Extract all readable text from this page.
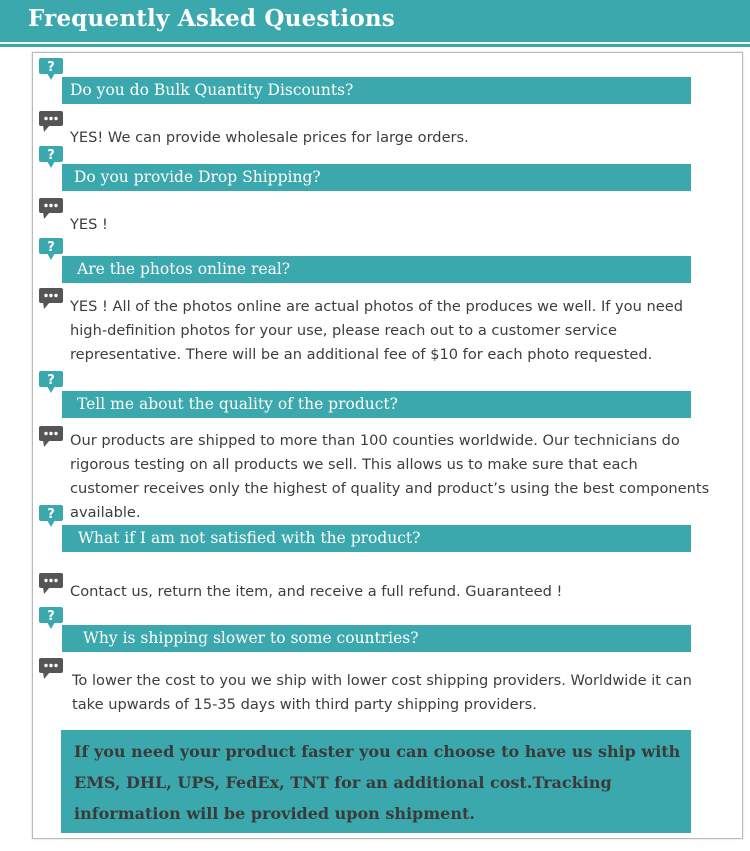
Frequently Asked Questions
?
Do you do Bulk Quantity Discounts?
YES! We can provide wholesale prices for large orders.
?
Do you provide Drop Shipping?
YES !
?
Are the photos online real?
YES ! All of the photos online are actual photos of the produces we well. If you need high-definition photos for your use, please reach out to a customer service representative. There will be an additional fee of $10 for each photo requested.
?
Tell me about the quality of the product?
Our products are shipped to more than 100 counties worldwide. Our technicians do rigorous testing on all products we sell. This allows us to make sure that each customer receives only the highest of quality and product’s using the best components available.
?
What if I am not satisfied with the product?
Contact us, return the item, and receive a full refund. Guaranteed !
?
Why is shipping slower to some countries?
To lower the cost to you we ship with lower cost shipping providers. Worldwide it can take upwards of 15-35 days with third party shipping providers.
If you need your product faster you can choose to have us ship with EMS, DHL, UPS, FedEx, TNT for an additional cost.Tracking information will be provided upon shipment.
